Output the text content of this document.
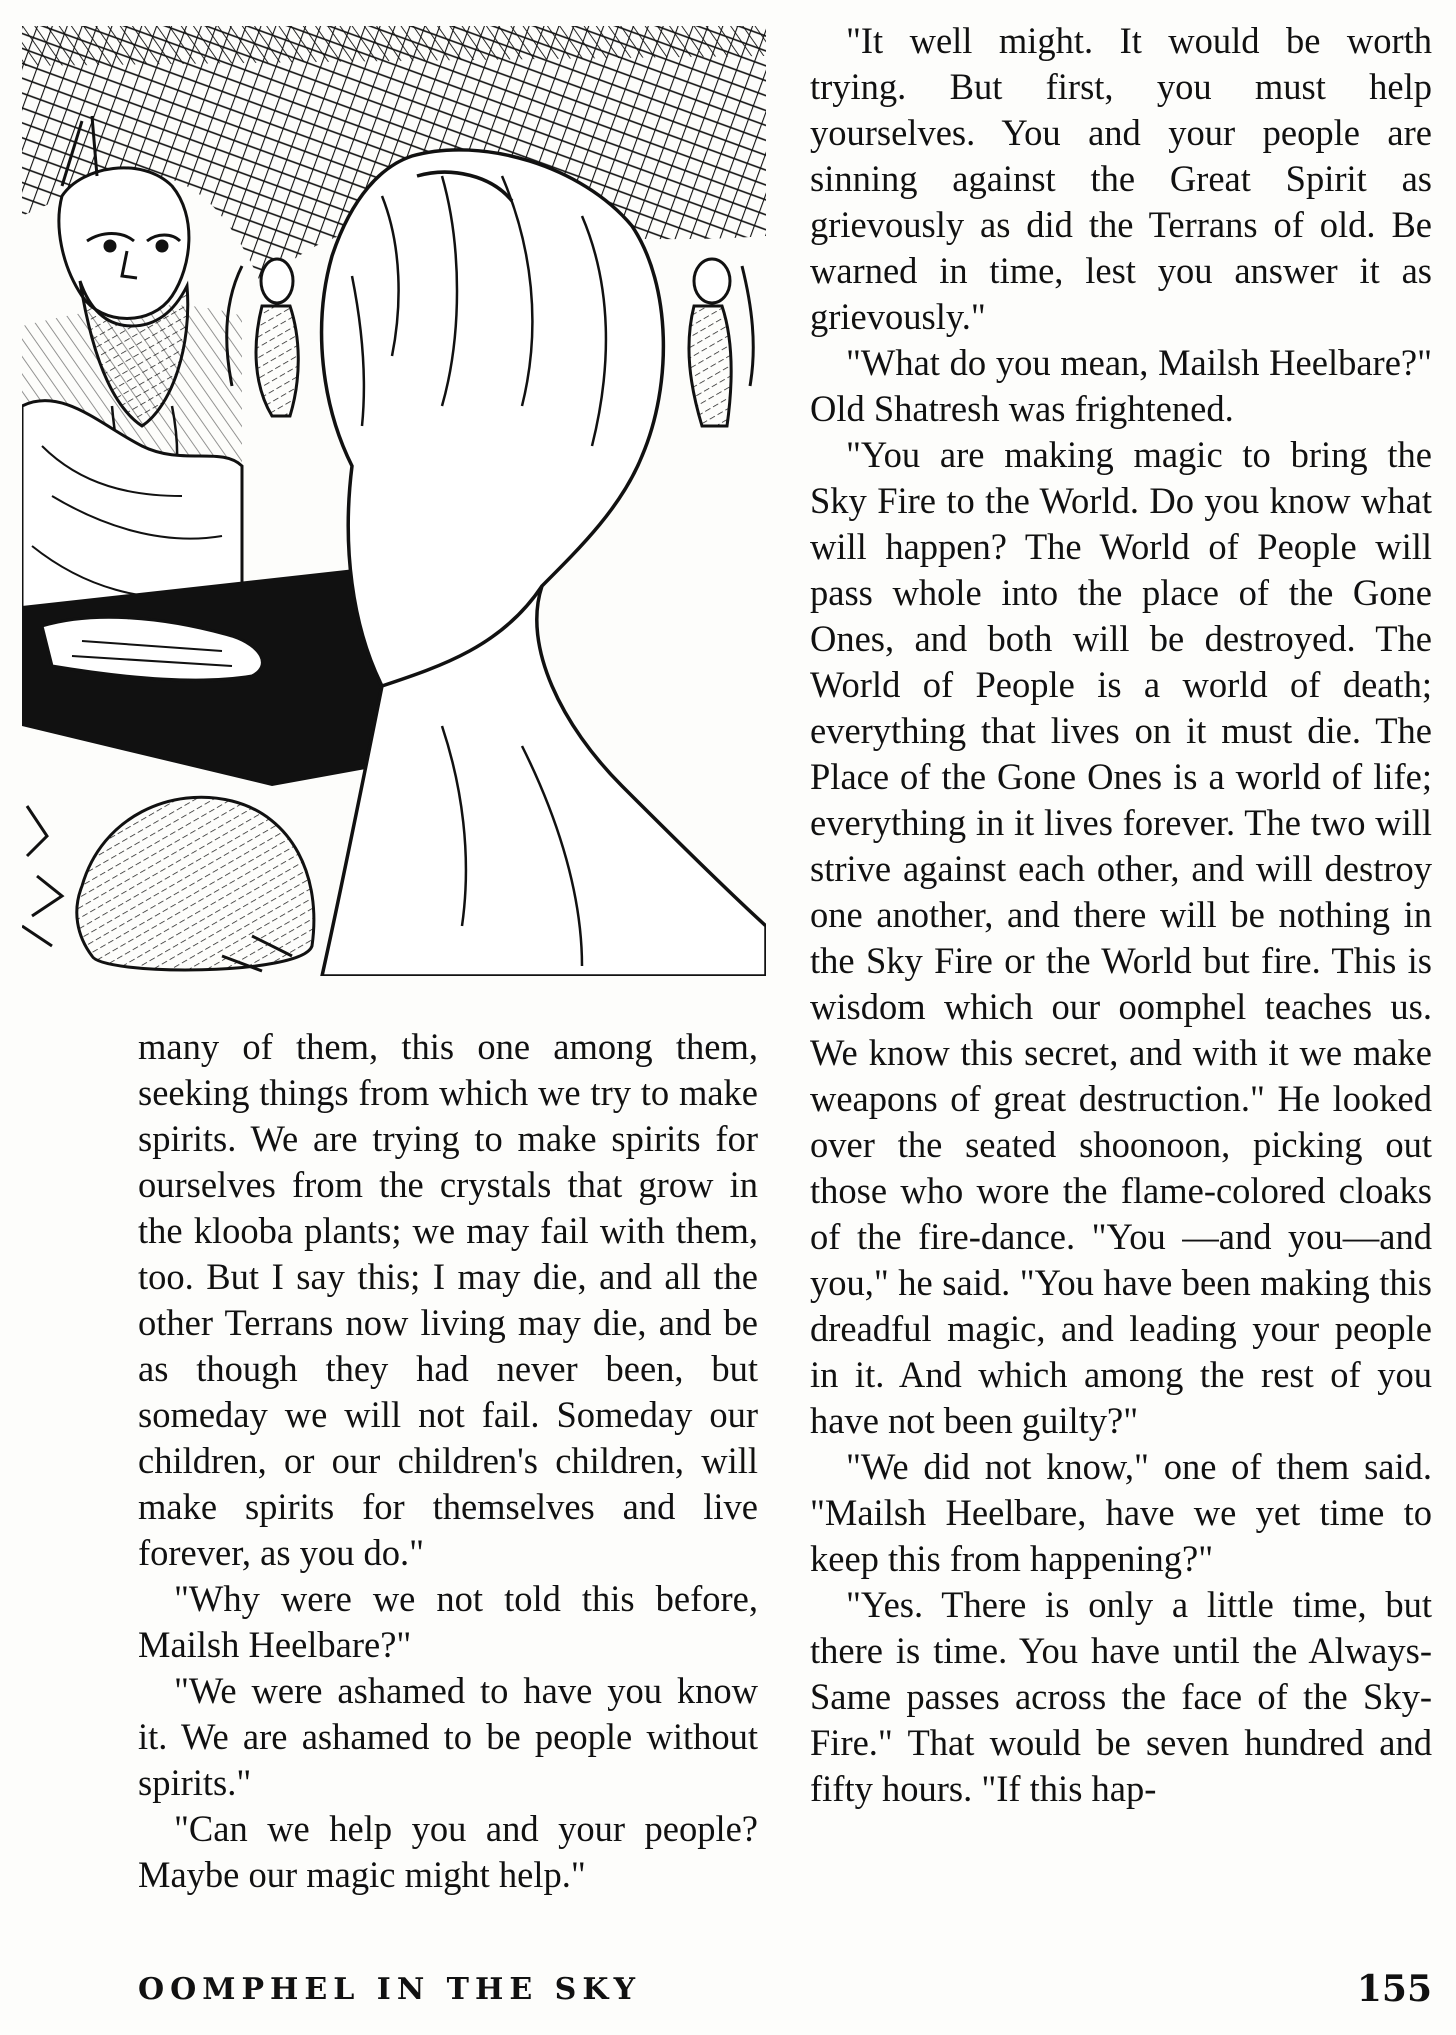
many of them, this one among them, seeking things from which we try to make spirits. We are trying to make spirits for ourselves from the crystals that grow in the klooba plants; we may fail with them, too. But I say this; I may die, and all the other Terrans now living may die, and be as though they had never been, but someday we will not fail. Someday our children, or our children's children, will make spirits for themselves and live forever, as you do."

"Why were we not told this before, Mailsh Heelbare?"

"We were ashamed to have you know it. We are ashamed to be people without spirits."

"Can we help you and your people? Maybe our magic might help."

"It well might. It would be worth trying. But first, you must help yourselves. You and your people are sinning against the Great Spirit as grievously as did the Terrans of old. Be warned in time, lest you answer it as grievously."

"What do you mean, Mailsh Heelbare?" Old Shatresh was frightened.

"You are making magic to bring the Sky Fire to the World. Do you know what will happen? The World of People will pass whole into the place of the Gone Ones, and both will be destroyed. The World of People is a world of death; everything that lives on it must die. The Place of the Gone Ones is a world of life; everything in it lives forever. The two will strive against each other, and will destroy one another, and there will be nothing in the Sky Fire or the World but fire. This is wisdom which our oomphel teaches us. We know this secret, and with it we make weapons of great destruction." He looked over the seated shoonoon, picking out those who wore the flame-colored cloaks of the fire-dance. "You —and you—and you," he said. "You have been making this dreadful magic, and leading your people in it. And which among the rest of you have not been guilty?"

"We did not know," one of them said. "Mailsh Heelbare, have we yet time to keep this from happening?"

"Yes. There is only a little time, but there is time. You have until the Always-Same passes across the face of the Sky-Fire." That would be seven hundred and fifty hours. "If this hap-

OOMPHEL IN THE SKY	155
